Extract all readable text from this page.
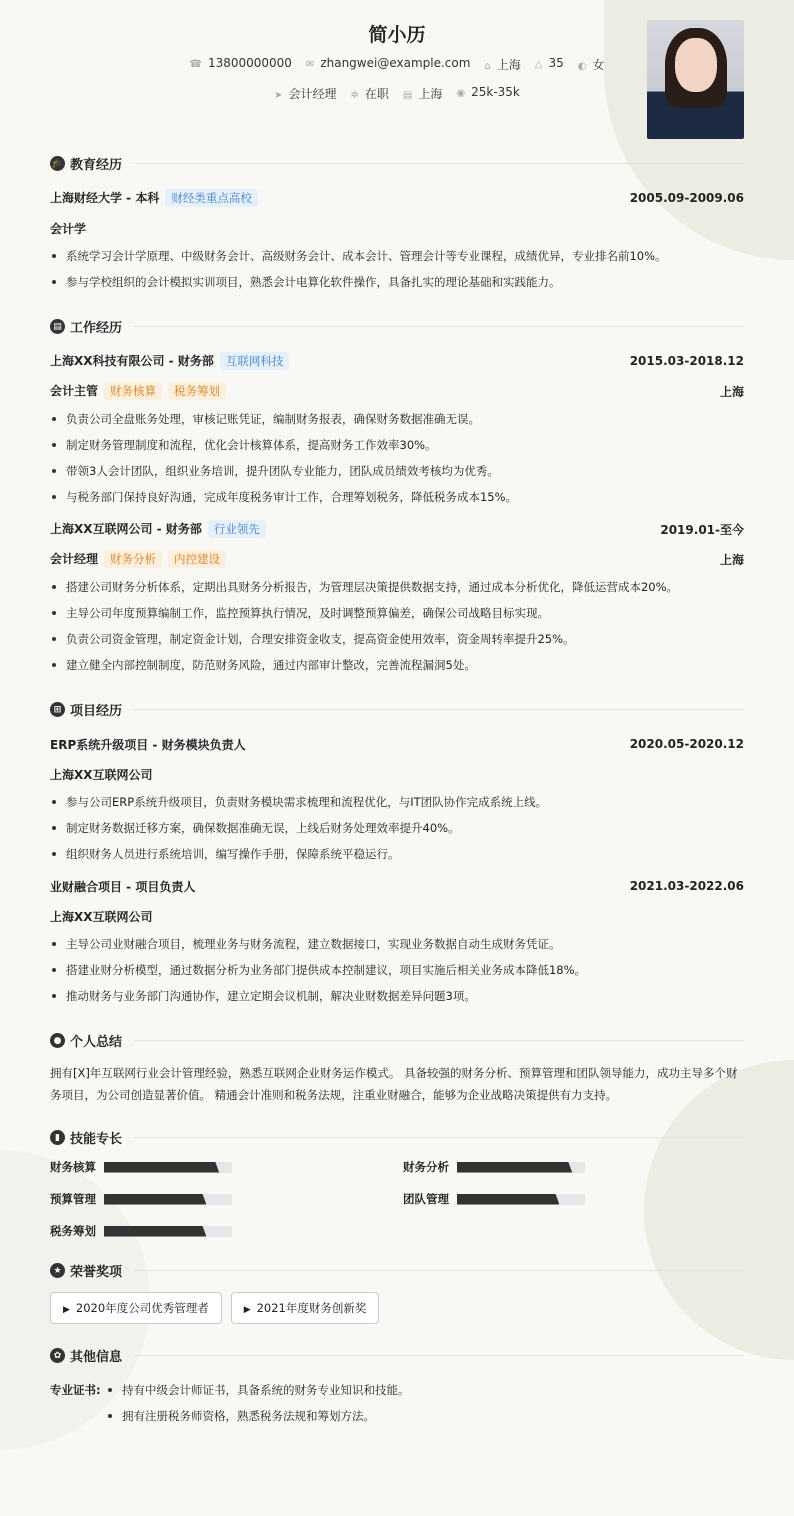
简小历
☎ 13800000000 ✉ zhangwei@example.com ⌂ 上海 △ 35 ◐ 女
➤ 会计经理 ✲ 在职 ▤ 上海 ◉ 25k-35k
🎓 教育经历
上海财经大学 - 本科 财经类重点高校	2005.09-2009.06
会计学
系统学习会计学原理、中级财务会计、高级财务会计、成本会计、管理会计等专业课程，成绩优异，专业排名前10%。
参与学校组织的会计模拟实训项目，熟悉会计电算化软件操作，具备扎实的理论基础和实践能力。
▤ 工作经历
上海XX科技有限公司 - 财务部 互联网科技	2015.03-2018.12
会计主管 财务核算 税务筹划	上海
负责公司全盘账务处理，审核记账凭证，编制财务报表，确保财务数据准确无误。
制定财务管理制度和流程，优化会计核算体系，提高财务工作效率30%。
带领3人会计团队，组织业务培训，提升团队专业能力，团队成员绩效考核均为优秀。
与税务部门保持良好沟通，完成年度税务审计工作，合理筹划税务，降低税务成本15%。
上海XX互联网公司 - 财务部 行业领先	2019.01-至今
会计经理 财务分析 内控建设	上海
搭建公司财务分析体系，定期出具财务分析报告，为管理层决策提供数据支持，通过成本分析优化，降低运营成本20%。
主导公司年度预算编制工作，监控预算执行情况，及时调整预算偏差，确保公司战略目标实现。
负责公司资金管理，制定资金计划，合理安排资金收支，提高资金使用效率，资金周转率提升25%。
建立健全内部控制制度，防范财务风险，通过内部审计整改，完善流程漏洞5处。
⊞ 项目经历
ERP系统升级项目 - 财务模块负责人	2020.05-2020.12
上海XX互联网公司
参与公司ERP系统升级项目，负责财务模块需求梳理和流程优化，与IT团队协作完成系统上线。
制定财务数据迁移方案，确保数据准确无误，上线后财务处理效率提升40%。
组织财务人员进行系统培训，编写操作手册，保障系统平稳运行。
业财融合项目 - 项目负责人	2021.03-2022.06
上海XX互联网公司
主导公司业财融合项目，梳理业务与财务流程，建立数据接口，实现业务数据自动生成财务凭证。
搭建业财分析模型，通过数据分析为业务部门提供成本控制建议，项目实施后相关业务成本降低18%。
推动财务与业务部门沟通协作，建立定期会议机制，解决业财数据差异问题3项。
● 个人总结

拥有[X]年互联网行业会计管理经验，熟悉互联网企业财务运作模式。 具备较强的财务分析、预算管理和团队领导能力，成功主导多个财务项目，为公司创造显著价值。 精通会计准则和税务法规，注重业财融合，能够为企业战略决策提供有力支持。

▮ 技能专长
财务核算	财务分析
预算管理	团队管理
税务筹划
★ 荣誉奖项
▶ 2020年度公司优秀管理者	▶ 2021年度财务创新奖
✿ 其他信息
专业证书:	持有中级会计师证书，具备系统的财务专业知识和技能。
拥有注册税务师资格，熟悉税务法规和筹划方法。
